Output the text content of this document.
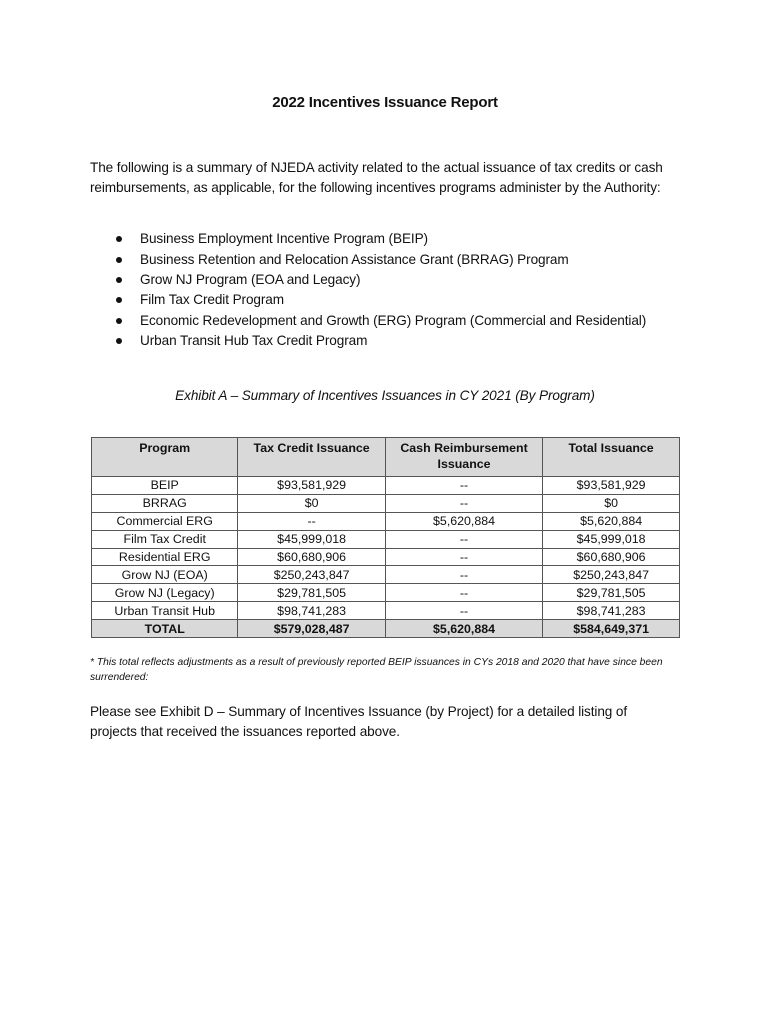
2022 Incentives Issuance Report
The following is a summary of NJEDA activity related to the actual issuance of tax credits or cash reimbursements, as applicable, for the following incentives programs administer by the Authority:
Business Employment Incentive Program (BEIP)
Business Retention and Relocation Assistance Grant (BRRAG) Program
Grow NJ Program (EOA and Legacy)
Film Tax Credit Program
Economic Redevelopment and Growth (ERG) Program (Commercial and Residential)
Urban Transit Hub Tax Credit Program
Exhibit A – Summary of Incentives Issuances in CY 2021 (By Program)
Program	Tax Credit Issuance	Cash Reimbursement Issuance	Total Issuance
BEIP	$93,581,929	--	$93,581,929
BRRAG	$0	--	$0
Commercial ERG	--	$5,620,884	$5,620,884
Film Tax Credit	$45,999,018	--	$45,999,018
Residential ERG	$60,680,906	--	$60,680,906
Grow NJ (EOA)	$250,243,847	--	$250,243,847
Grow NJ (Legacy)	$29,781,505	--	$29,781,505
Urban Transit Hub	$98,741,283	--	$98,741,283
TOTAL	$579,028,487	$5,620,884	$584,649,371
* This total reflects adjustments as a result of previously reported BEIP issuances in CYs 2018 and 2020 that have since been surrendered:
Please see Exhibit D – Summary of Incentives Issuance (by Project) for a detailed listing of projects that received the issuances reported above.
